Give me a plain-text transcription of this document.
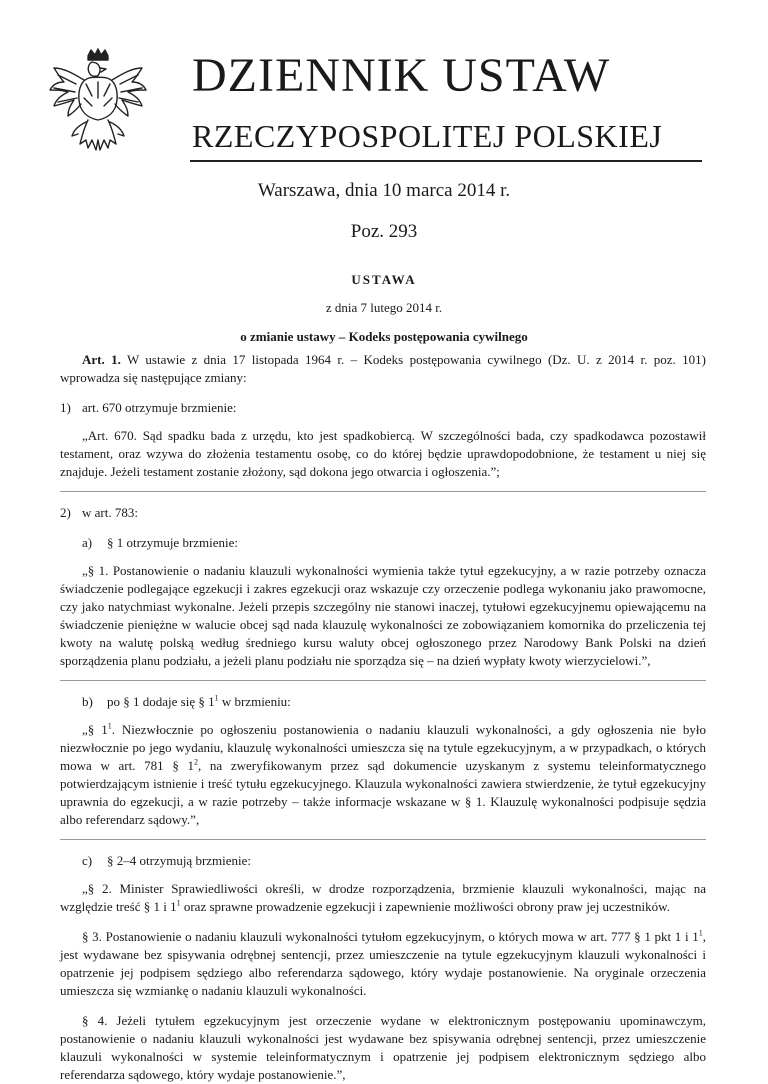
DZIENNIK USTAW
RZECZYPOSPOLITEJ POLSKIEJ
Warszawa, dnia 10 marca 2014 r.
Poz. 293
USTAWA
z dnia 7 lutego 2014 r.
o zmianie ustawy – Kodeks postępowania cywilnego

Art. 1. W ustawie z dnia 17 listopada 1964 r. – Kodeks postępowania cywilnego (Dz. U. z 2014 r. poz. 101) wprowadza się następujące zmiany:

1) art. 670 otrzymuje brzmienie:

„Art. 670. Sąd spadku bada z urzędu, kto jest spadkobiercą. W szczególności bada, czy spadkodawca pozostawił testament, oraz wzywa do złożenia testamentu osobę, co do której będzie uprawdopodobnione, że testament u niej się znajduje. Jeżeli testament zostanie złożony, sąd dokona jego otwarcia i ogłoszenia.”;

2) w art. 783:

a) § 1 otrzymuje brzmienie:

„§ 1. Postanowienie o nadaniu klauzuli wykonalności wymienia także tytuł egzekucyjny, a w razie potrzeby oznacza świadczenie podlegające egzekucji i zakres egzekucji oraz wskazuje czy orzeczenie podlega wykonaniu jako prawomocne, czy jako natychmiast wykonalne. Jeżeli przepis szczególny nie stanowi inaczej, tytułowi egzekucyjnemu opiewającemu na świadczenie pieniężne w walucie obcej sąd nada klauzulę wykonalności ze zobowiązaniem komornika do przeliczenia tej kwoty na walutę polską według średniego kursu waluty obcej ogłoszonego przez Narodowy Bank Polski na dzień sporządzenia planu podziału, a jeżeli planu podziału nie sporządza się – na dzień wypłaty kwoty wierzycielowi.”,

b) po § 1 dodaje się § $1^1$ w brzmieniu:

„§ $1^1$. Niezwłocznie po ogłoszeniu postanowienia o nadaniu klauzuli wykonalności, a gdy ogłoszenia nie było niezwłocznie po jego wydaniu, klauzulę wykonalności umieszcza się na tytule egzekucyjnym, a w przypadkach, o których mowa w art. 781 § $1^2$, na zweryfikowanym przez sąd dokumencie uzyskanym z systemu teleinformatycznego potwierdzającym istnienie i treść tytułu egzekucyjnego. Klauzula wykonalności zawiera stwierdzenie, że tytuł egzekucyjny uprawnia do egzekucji, a w razie potrzeby – także informacje wskazane w § 1. Klauzulę wykonalności podpisuje sędzia albo referendarz sądowy.”,

c) § 2–4 otrzymują brzmienie:

„§ 2. Minister Sprawiedliwości określi, w drodze rozporządzenia, brzmienie klauzuli wykonalności, mając na względzie treść § 1 i $1^1$ oraz sprawne prowadzenie egzekucji i zapewnienie możliwości obrony praw jej uczestników.

§ 3. Postanowienie o nadaniu klauzuli wykonalności tytułom egzekucyjnym, o których mowa w art. 777 § 1 pkt 1 i $1^1$, jest wydawane bez spisywania odrębnej sentencji, przez umieszczenie na tytule egzekucyjnym klauzuli wykonalności i opatrzenie jej podpisem sędziego albo referendarza sądowego, który wydaje postanowienie. Na oryginale orzeczenia umieszcza się wzmiankę o nadaniu klauzuli wykonalności.

§ 4. Jeżeli tytułem egzekucyjnym jest orzeczenie wydane w elektronicznym postępowaniu upominawczym, postanowienie o nadaniu klauzuli wykonalności jest wydawane bez spisywania odrębnej sentencji, przez umieszczenie klauzuli wykonalności w systemie teleinformatycznym i opatrzenie jej podpisem elektronicznym sędziego albo referendarza sądowego, który wydaje postanowienie.”,
